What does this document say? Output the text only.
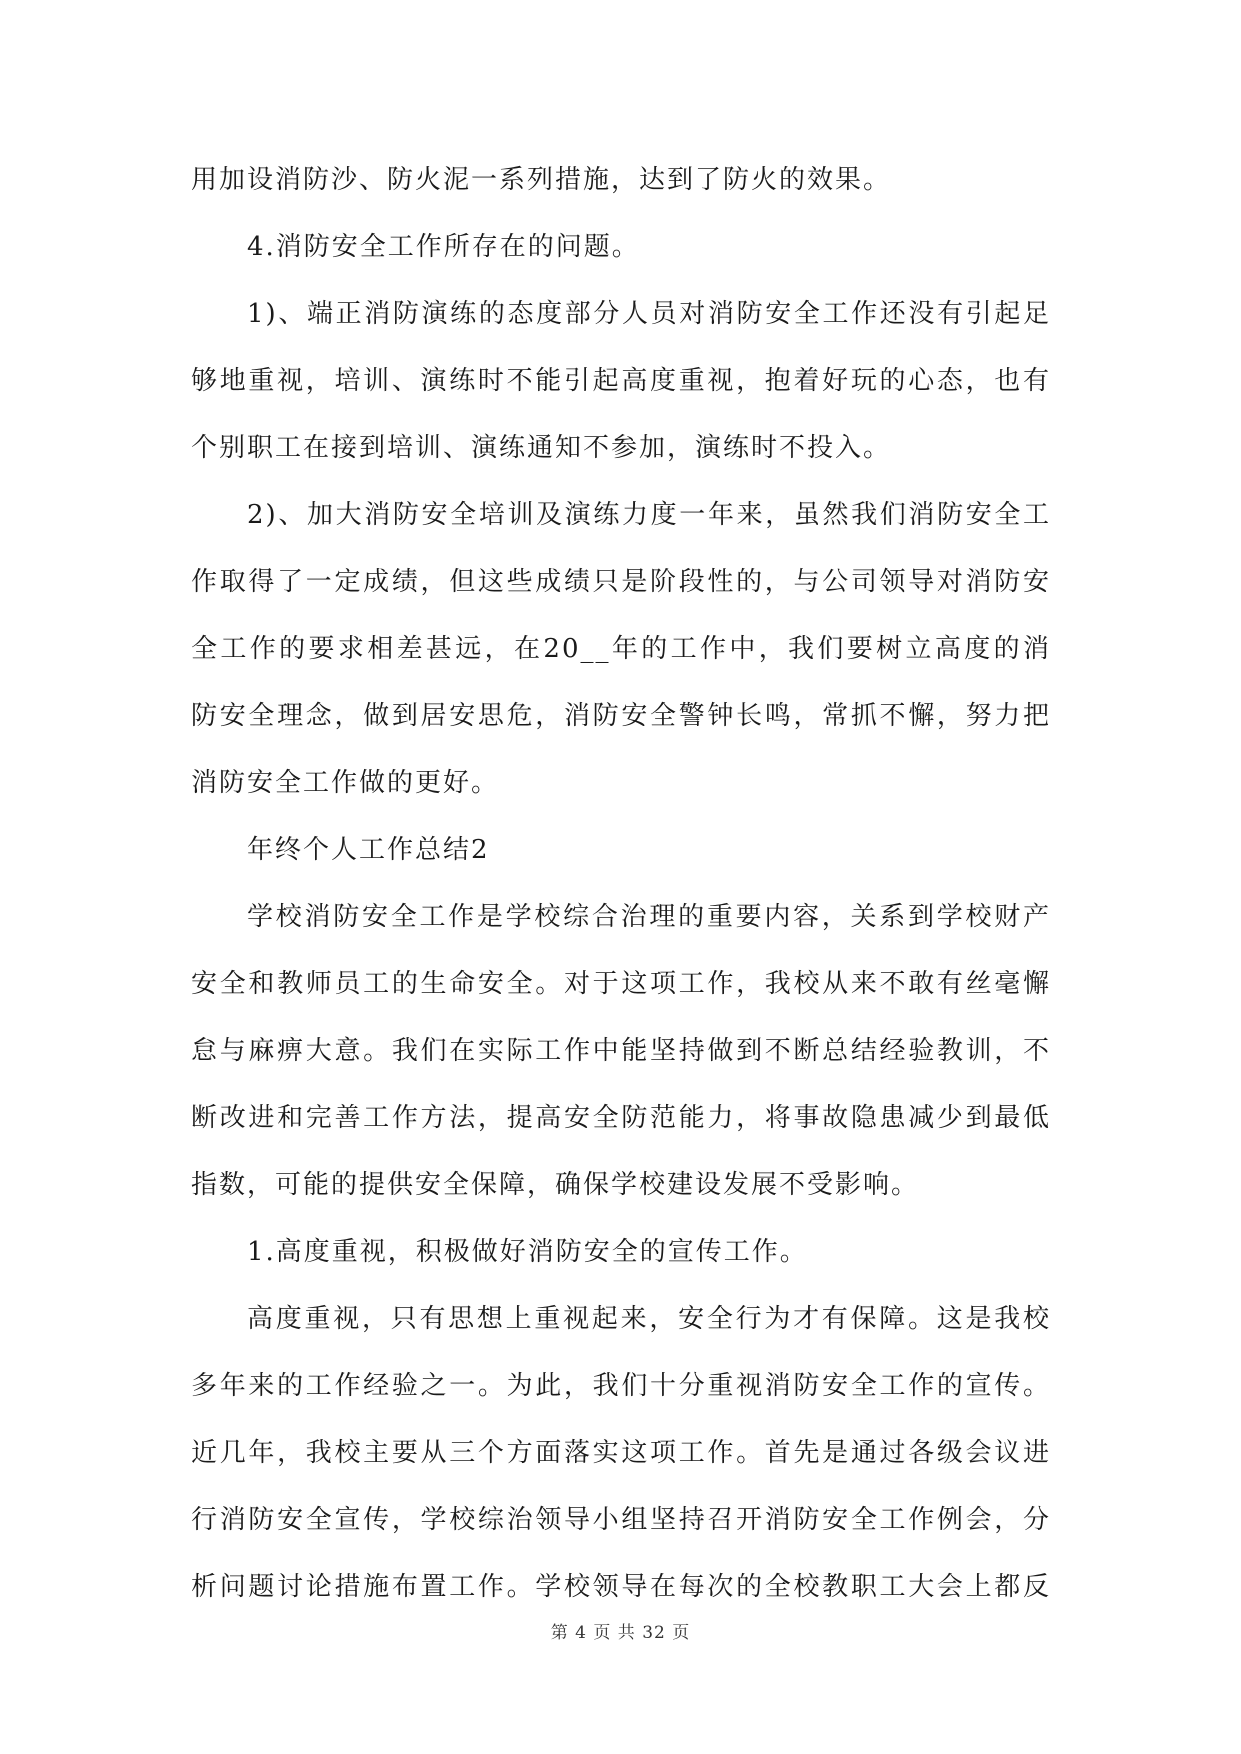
用加设消防沙、防火泥一系列措施，达到了防火的效果。
4.消防安全工作所存在的问题。
1)、端正消防演练的态度部分人员对消防安全工作还没有引起足
够地重视，培训、演练时不能引起高度重视，抱着好玩的心态，也有
个别职工在接到培训、演练通知不参加，演练时不投入。
2)、加大消防安全培训及演练力度一年来，虽然我们消防安全工
作取得了一定成绩，但这些成绩只是阶段性的，与公司领导对消防安
全工作的要求相差甚远，在20__年的工作中，我们要树立高度的消
防安全理念，做到居安思危，消防安全警钟长鸣，常抓不懈，努力把
消防安全工作做的更好。
年终个人工作总结2
学校消防安全工作是学校综合治理的重要内容，关系到学校财产
安全和教师员工的生命安全。对于这项工作，我校从来不敢有丝毫懈
怠与麻痹大意。我们在实际工作中能坚持做到不断总结经验教训，不
断改进和完善工作方法，提高安全防范能力，将事故隐患减少到最低
指数，可能的提供安全保障，确保学校建设发展不受影响。
1.高度重视，积极做好消防安全的宣传工作。
高度重视，只有思想上重视起来，安全行为才有保障。这是我校
多年来的工作经验之一。为此，我们十分重视消防安全工作的宣传。
近几年，我校主要从三个方面落实这项工作。首先是通过各级会议进
行消防安全宣传，学校综治领导小组坚持召开消防安全工作例会，分
析问题讨论措施布置工作。学校领导在每次的全校教职工大会上都反
第 4 页 共 32 页
